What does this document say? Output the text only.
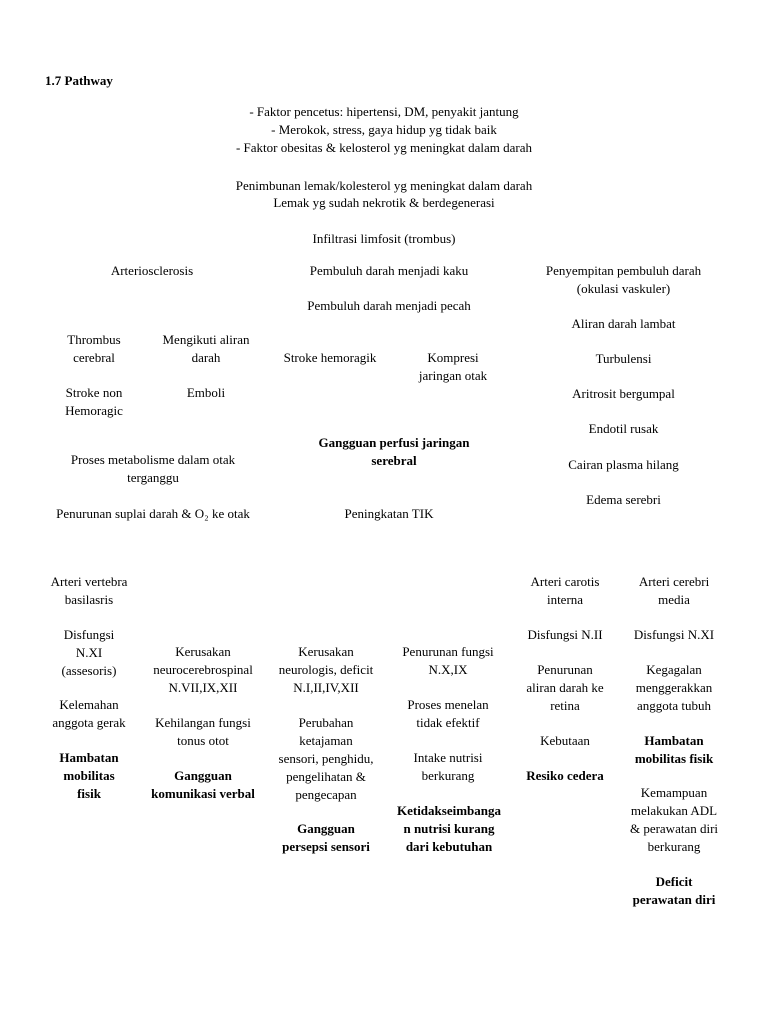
1.7 Pathway
- Faktor pencetus: hipertensi, DM, penyakit jantung
- Merokok, stress, gaya hidup yg tidak baik
- Faktor obesitas & kelosterol yg meningkat dalam darah
Penimbunan lemak/kolesterol yg meningkat dalam darah
Lemak yg sudah nekrotik & berdegenerasi
Infiltrasi limfosit (trombus)
Arteriosclerosis
Thrombus
cerebral
Mengikuti aliran
darah
Stroke non
Hemoragic
Emboli
Proses metabolisme dalam otak
terganggu
Penurunan suplai darah & O₂ ke otak
Pembuluh darah menjadi kaku
Pembuluh darah menjadi pecah
Stroke hemoragik	Kompresi
jaringan otak
Gangguan perfusi jaringan
serebral
Peningkatan TIK
Penyempitan pembuluh darah
(okulasi vaskuler)
Aliran darah lambat
Turbulensi
Aritrosit bergumpal
Endotil rusak
Cairan plasma hilang
Edema serebri
Arteri vertebra
basilasris
Disfungsi
N.XI
(assesoris)
Kelemahan
anggota gerak
Hambatan
mobilitas
fisik
Kerusakan
neurocerebrospinal
N.VII,IX,XII
Kehilangan fungsi
tonus otot
Gangguan
komunikasi verbal
Kerusakan
neurologis, deficit
N.I,II,IV,XII
Perubahan
ketajaman
sensori, penghidu,
pengelihatan &
pengecapan
Gangguan
persepsi sensori
Penurunan fungsi
N.X,IX
Proses menelan
tidak efektif
Intake nutrisi
berkurang
Ketidakseimbanga
n nutrisi kurang
dari kebutuhan
Arteri carotis
interna
Disfungsi N.II
Penurunan
aliran darah ke
retina
Kebutaan
Resiko cedera
Arteri cerebri
media
Disfungsi N.XI
Kegagalan
menggerakkan
anggota tubuh
Hambatan
mobilitas fisik
Kemampuan
melakukan ADL
& perawatan diri
berkurang
Deficit
perawatan diri
